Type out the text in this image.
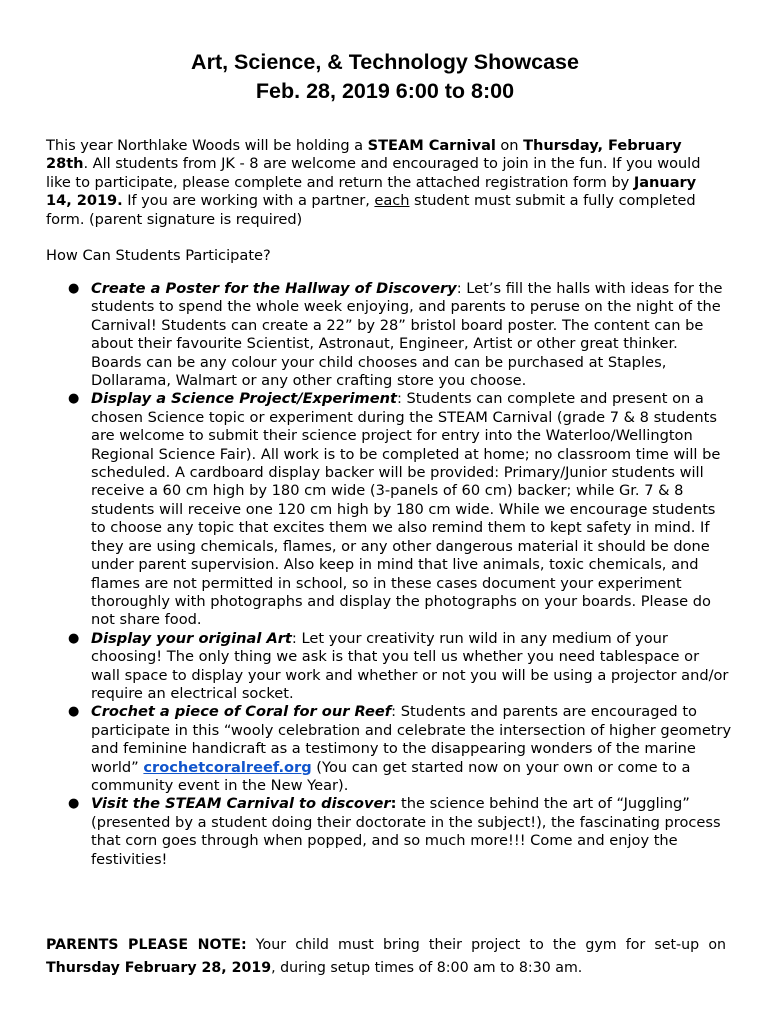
Art, Science, & Technology Showcase
Feb. 28, 2019 6:00 to 8:00

This year Northlake Woods will be holding a STEAM Carnival on Thursday, February 28th. All students from JK - 8 are welcome and encouraged to join in the fun. If you would like to participate, please complete and return the attached registration form by January 14, 2019. If you are working with a partner, each student must submit a fully completed form. (parent signature is required)

How Can Students Participate?

● Create a Poster for the Hallway of Discovery: Let’s fill the halls with ideas for the students to spend the whole week enjoying, and parents to peruse on the night of the Carnival! Students can create a 22” by 28” bristol board poster. The content can be about their favourite Scientist, Astronaut, Engineer, Artist or other great thinker. Boards can be any colour your child chooses and can be purchased at Staples, Dollarama, Walmart or any other crafting store you choose.
● Display a Science Project/Experiment: Students can complete and present on a chosen Science topic or experiment during the STEAM Carnival (grade 7 & 8 students are welcome to submit their science project for entry into the Waterloo/Wellington Regional Science Fair). All work is to be completed at home; no classroom time will be scheduled. A cardboard display backer will be provided: Primary/Junior students will receive a 60 cm high by 180 cm wide (3-panels of 60 cm) backer; while Gr. 7 & 8 students will receive one 120 cm high by 180 cm wide. While we encourage students to choose any topic that excites them we also remind them to kept safety in mind. If they are using chemicals, flames, or any other dangerous material it should be done under parent supervision. Also keep in mind that live animals, toxic chemicals, and flames are not permitted in school, so in these cases document your experiment thoroughly with photographs and display the photographs on your boards. Please do not share food.
● Display your original Art: Let your creativity run wild in any medium of your choosing! The only thing we ask is that you tell us whether you need tablespace or wall space to display your work and whether or not you will be using a projector and/or require an electrical socket.
● Crochet a piece of Coral for our Reef: Students and parents are encouraged to participate in this “wooly celebration and celebrate the intersection of higher geometry and feminine handicraft as a testimony to the disappearing wonders of the marine world” crochetcoralreef.org (You can get started now on your own or come to a community event in the New Year).
● Visit the STEAM Carnival to discover: the science behind the art of “Juggling” (presented by a student doing their doctorate in the subject!), the fascinating process that corn goes through when popped, and so much more!!! Come and enjoy the festivities!

PARENTS PLEASE NOTE: Your child must bring their project to the gym for set-up on Thursday February 28, 2019, during setup times of 8:00 am to 8:30 am.
